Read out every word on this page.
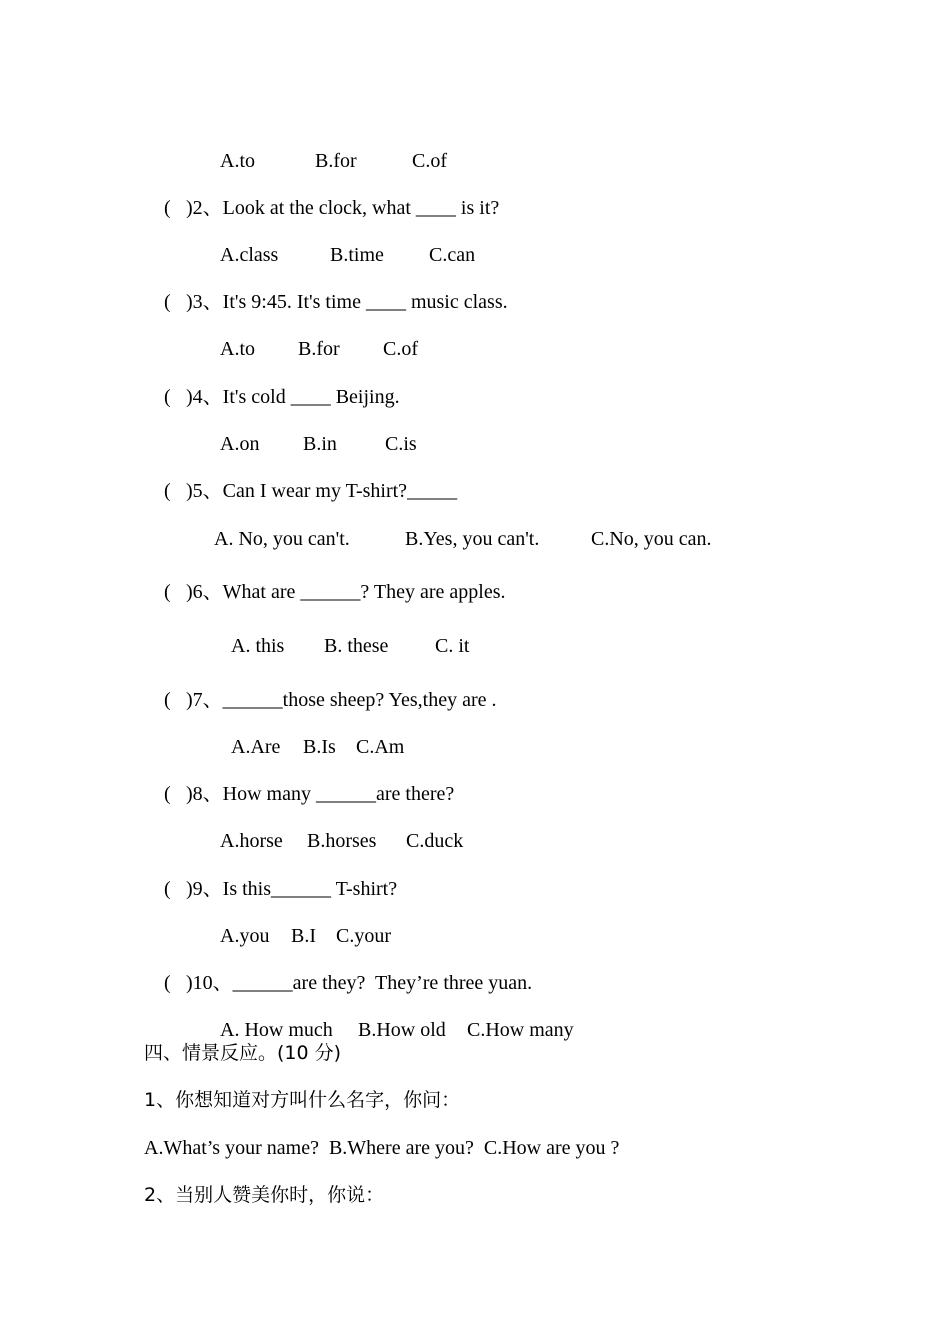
A.to	B.for	C.of

( )2、Look at the clock, what ____ is it?

A.class	B.time C.can

( )3、It's 9:45. It's time ____ music class.

A.to B.for C.of

( )4、It's cold ____ Beijing.

A.on B.in C.is

( )5、Can I wear my T-shirt?_____

A. No, you can't.	B.Yes, you can't.	C.No, you can.

( )6、What are ______? They are apples.

A. this B. these C. it

( )7、______those sheep? Yes,they are .

A.Are B.Is C.Am

( )8、How many ______are there?

A.horse B.horses C.duck

( )9、Is this______ T-shirt?

A.you B.I C.your

( )10、______are they?  They’re three yuan.

A. How much B.How old C.How many

四、情景反应。(10 分)
1、你想知道对方叫什么名字，你问：
A.What’s your name?  B.Where are you?  C.How are you ?
2、当别人赞美你时，你说：
